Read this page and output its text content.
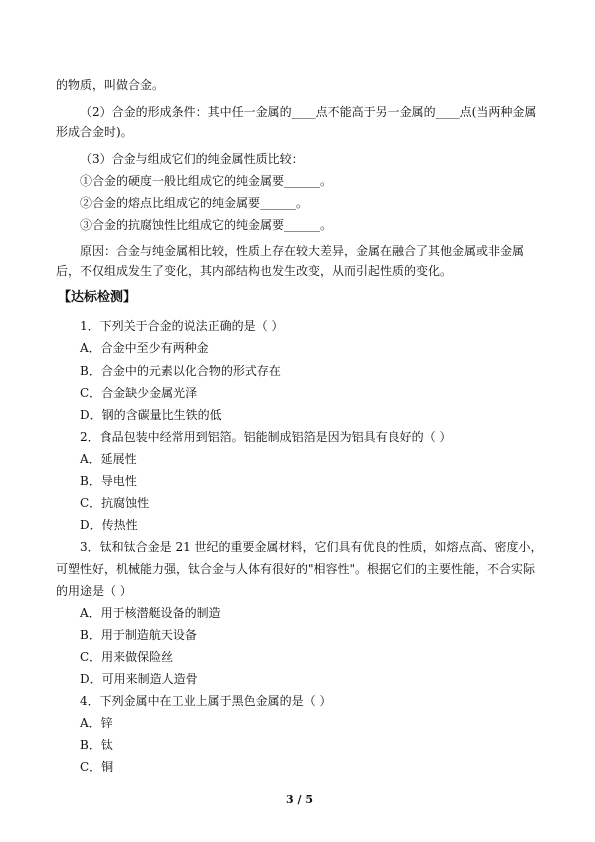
的物质，叫做合金。
（2）合金的形成条件：其中任一金属的____点不能高于另一金属的____点(当两种金属
形成合金时)。
（3）合金与组成它们的纯金属性质比较：
①合金的硬度一般比组成它的纯金属要______。
②合金的熔点比组成它的纯金属要______。
③合金的抗腐蚀性比组成它的纯金属要______。
原因：合金与纯金属相比较，性质上存在较大差异，金属在融合了其他金属或非金属
后，不仅组成发生了变化，其内部结构也发生改变，从而引起性质的变化。
【达标检测】
1．下列关于合金的说法正确的是（ ）
A．合金中至少有两种金
B．合金中的元素以化合物的形式存在
C．合金缺少金属光泽
D．钢的含碳量比生铁的低
2．食品包装中经常用到铝箔。铝能制成铝箔是因为铝具有良好的（ ）
A．延展性
B．导电性
C．抗腐蚀性
D．传热性
3．钛和钛合金是 21 世纪的重要金属材料，它们具有优良的性质，如熔点高、密度小，
可塑性好，机械能力强，钛合金与人体有很好的"相容性"。根据它们的主要性能，不合实际
的用途是（ ）
A．用于核潜艇设备的制造
B．用于制造航天设备
C．用来做保险丝
D．可用来制造人造骨
4．下列金属中在工业上属于黑色金属的是（ ）
A．锌
B．钛
C．铜
3 / 5
